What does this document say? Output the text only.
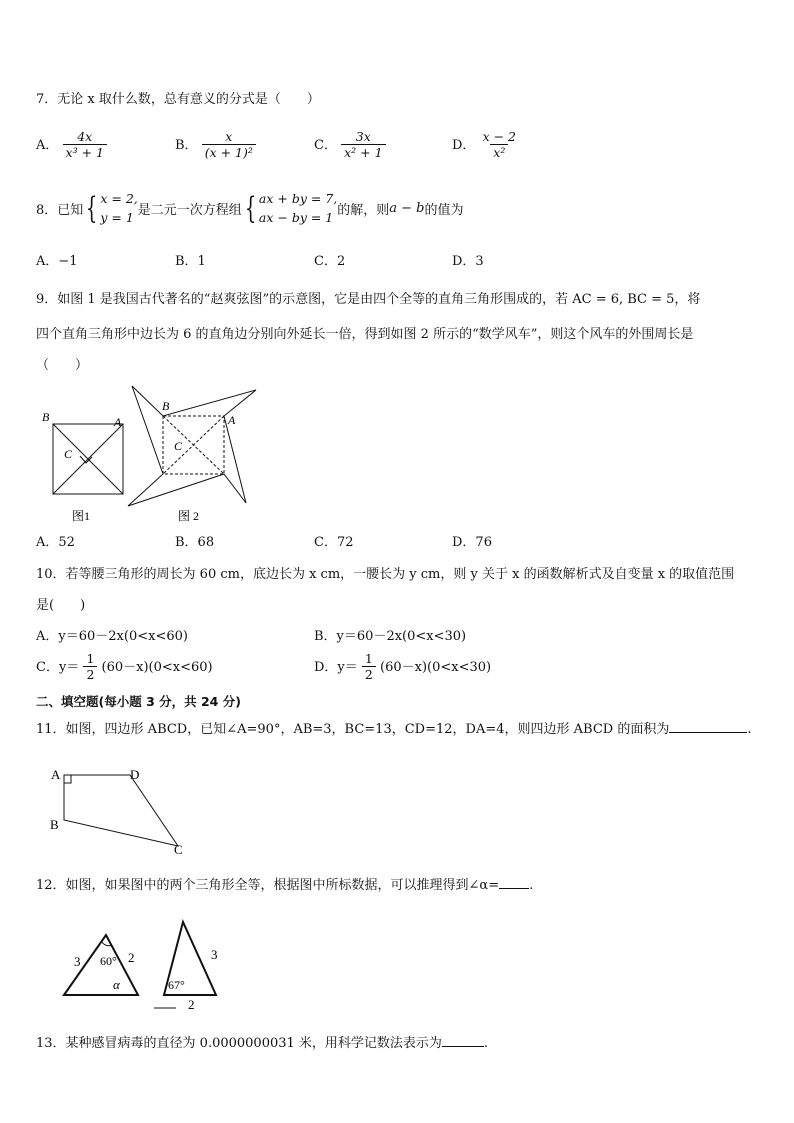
7．无论 x 取什么数，总有意义的分式是（　　）
A． $\frac{4x}{\text{x³ + 1}}$	B． $\frac{x}{\text{(x + 1)²}}$	C． $\frac{3x}{\text{x² + 1}}$	D． $\frac{x - 2}{\text{x²}}$
8．已知 { x = 2,
y = 1 是二元一次方程组 { ax + by = 7,
ax − by = 1 的解，则 a − b 的值为
A．−1	B．1	C．2	D．3
9．如图 1 是我国古代著名的“赵爽弦图”的示意图，它是由四个全等的直角三角形围成的，若 AC = 6, BC = 5，将
四个直角三角形中边长为 6 的直角边分别向外延长一倍，得到如图 2 所示的“数学风车”，则这个风车的外围周长是
（　　）
B	A
C
图1
B
A
C
图 2
A．52	B．68	C．72	D．76
10．若等腰三角形的周长为 60 cm，底边长为 x cm，一腰长为 y cm，则 y 关于 x 的函数解析式及自变量 x 的取值范围
是(　　)
A．y＝60－2x(0<x<60)	B．y＝60－2x(0<x<30)
C．$y= \frac{1}{2} (60-x)(0<x<60)$	D．$y= \frac{1}{2} (60-x)(0<x<30)$
二、填空题(每小题 3 分，共 24 分)
11．如图，四边形 ABCD，已知∠A=90°，AB=3，BC=13，CD=12，DA=4，则四边形 ABCD 的面积为	.
A	D
B
C
12．如图，如果图中的两个三角形全等，根据图中所标数据，可以推理得到∠α= .
3 60° 2
α
3
67°
2
13．某种感冒病毒的直径为 0.0000000031 米，用科学记数法表示为	.
